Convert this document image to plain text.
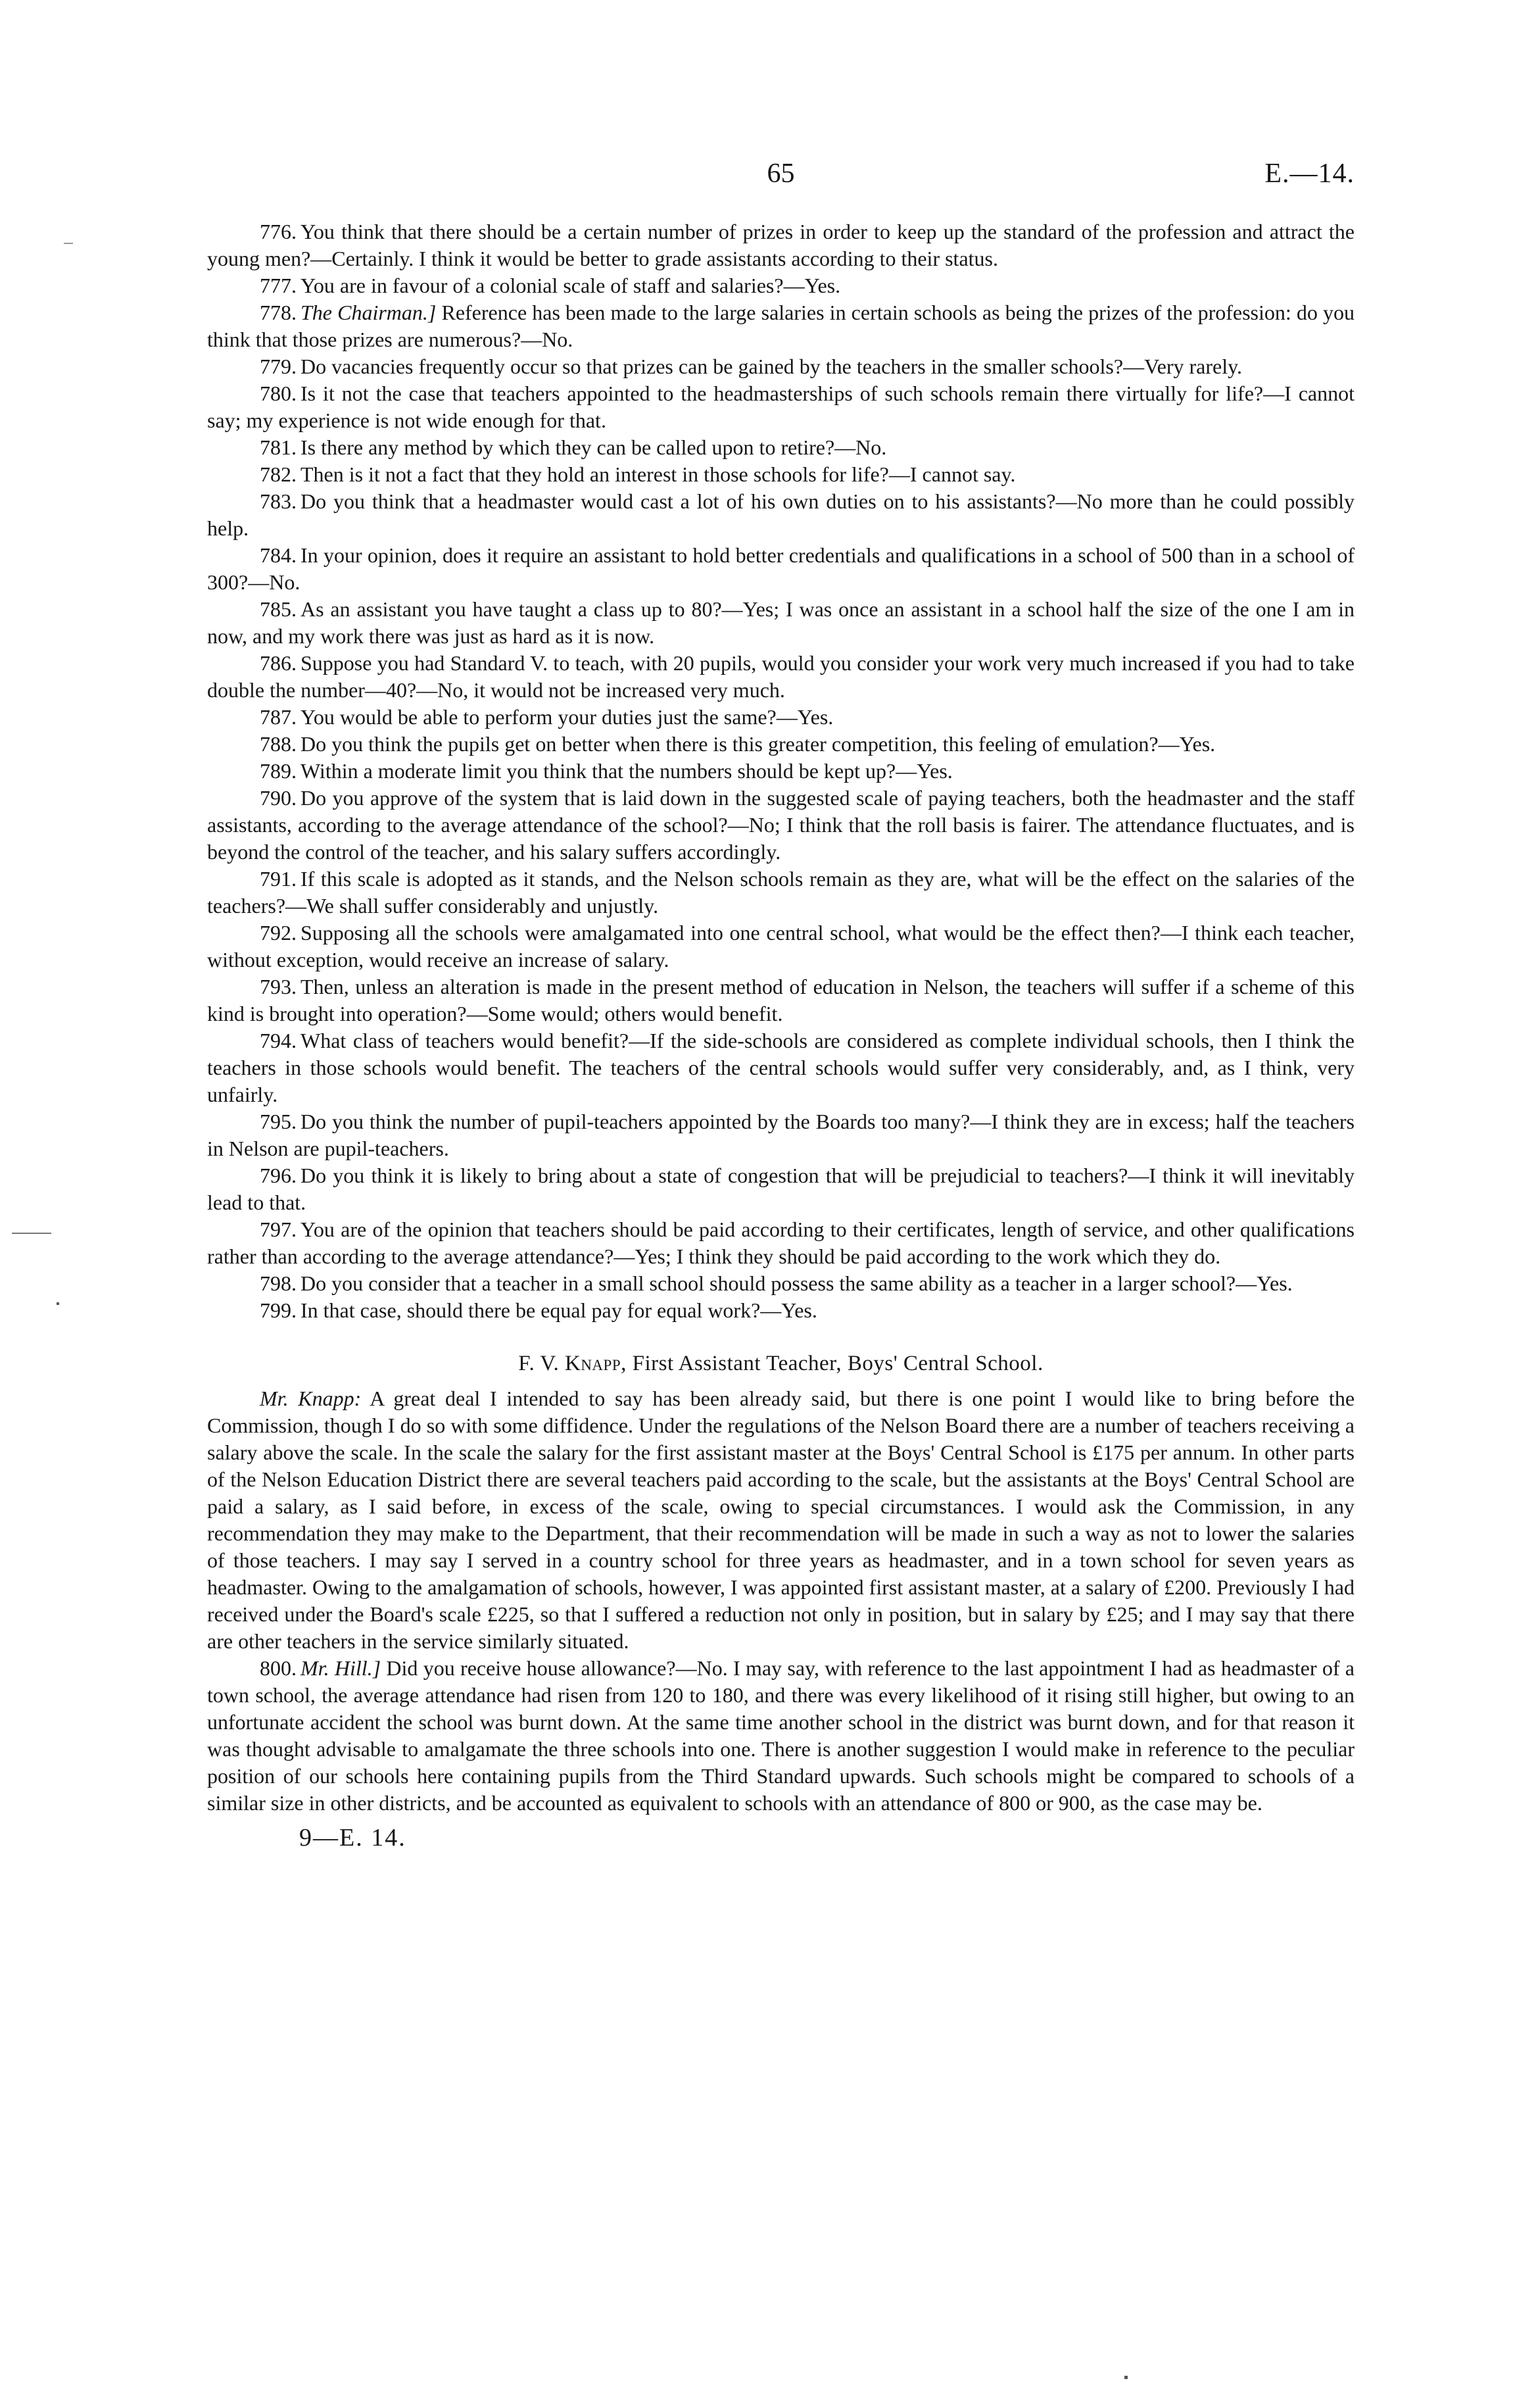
65	E.—14.

776. You think that there should be a certain number of prizes in order to keep up the standard of the profession and attract the young men?—Certainly. I think it would be better to grade assistants according to their status.

777. You are in favour of a colonial scale of staff and salaries?—Yes.

778. The Chairman.] Reference has been made to the large salaries in certain schools as being the prizes of the profession: do you think that those prizes are numerous?—No.

779. Do vacancies frequently occur so that prizes can be gained by the teachers in the smaller schools?—Very rarely.

780. Is it not the case that teachers appointed to the headmasterships of such schools remain there virtually for life?—I cannot say; my experience is not wide enough for that.

781. Is there any method by which they can be called upon to retire?—No.

782. Then is it not a fact that they hold an interest in those schools for life?—I cannot say.

783. Do you think that a headmaster would cast a lot of his own duties on to his assistants?—No more than he could possibly help.

784. In your opinion, does it require an assistant to hold better credentials and qualifications in a school of 500 than in a school of 300?—No.

785. As an assistant you have taught a class up to 80?—Yes; I was once an assistant in a school half the size of the one I am in now, and my work there was just as hard as it is now.

786. Suppose you had Standard V. to teach, with 20 pupils, would you consider your work very much increased if you had to take double the number—40?—No, it would not be increased very much.

787. You would be able to perform your duties just the same?—Yes.

788. Do you think the pupils get on better when there is this greater competition, this feeling of emulation?—Yes.

789. Within a moderate limit you think that the numbers should be kept up?—Yes.

790. Do you approve of the system that is laid down in the suggested scale of paying teachers, both the headmaster and the staff assistants, according to the average attendance of the school?—No; I think that the roll basis is fairer. The attendance fluctuates, and is beyond the control of the teacher, and his salary suffers accordingly.

791. If this scale is adopted as it stands, and the Nelson schools remain as they are, what will be the effect on the salaries of the teachers?—We shall suffer considerably and unjustly.

792. Supposing all the schools were amalgamated into one central school, what would be the effect then?—I think each teacher, without exception, would receive an increase of salary.

793. Then, unless an alteration is made in the present method of education in Nelson, the teachers will suffer if a scheme of this kind is brought into operation?—Some would; others would benefit.

794. What class of teachers would benefit?—If the side-schools are considered as complete individual schools, then I think the teachers in those schools would benefit. The teachers of the central schools would suffer very considerably, and, as I think, very unfairly.

795. Do you think the number of pupil-teachers appointed by the Boards too many?—I think they are in excess; half the teachers in Nelson are pupil-teachers.

796. Do you think it is likely to bring about a state of congestion that will be prejudicial to teachers?—I think it will inevitably lead to that.

797. You are of the opinion that teachers should be paid according to their certificates, length of service, and other qualifications rather than according to the average attendance?—Yes; I think they should be paid according to the work which they do.

798. Do you consider that a teacher in a small school should possess the same ability as a teacher in a larger school?—Yes.

799. In that case, should there be equal pay for equal work?—Yes.

F. V. Knapp, First Assistant Teacher, Boys' Central School.

Mr. Knapp: A great deal I intended to say has been already said, but there is one point I would like to bring before the Commission, though I do so with some diffidence. Under the regulations of the Nelson Board there are a number of teachers receiving a salary above the scale. In the scale the salary for the first assistant master at the Boys' Central School is £175 per annum. In other parts of the Nelson Education District there are several teachers paid according to the scale, but the assistants at the Boys' Central School are paid a salary, as I said before, in excess of the scale, owing to special circumstances. I would ask the Commission, in any recommendation they may make to the Department, that their recommendation will be made in such a way as not to lower the salaries of those teachers. I may say I served in a country school for three years as headmaster, and in a town school for seven years as headmaster. Owing to the amalgamation of schools, however, I was appointed first assistant master, at a salary of £200. Previously I had received under the Board's scale £225, so that I suffered a reduction not only in position, but in salary by £25; and I may say that there are other teachers in the service similarly situated.

800. Mr. Hill.] Did you receive house allowance?—No. I may say, with reference to the last appointment I had as headmaster of a town school, the average attendance had risen from 120 to 180, and there was every likelihood of it rising still higher, but owing to an unfortunate accident the school was burnt down. At the same time another school in the district was burnt down, and for that reason it was thought advisable to amalgamate the three schools into one. There is another suggestion I would make in reference to the peculiar position of our schools here containing pupils from the Third Standard upwards. Such schools might be compared to schools of a similar size in other districts, and be accounted as equivalent to schools with an attendance of 800 or 900, as the case may be.

9—E. 14.
